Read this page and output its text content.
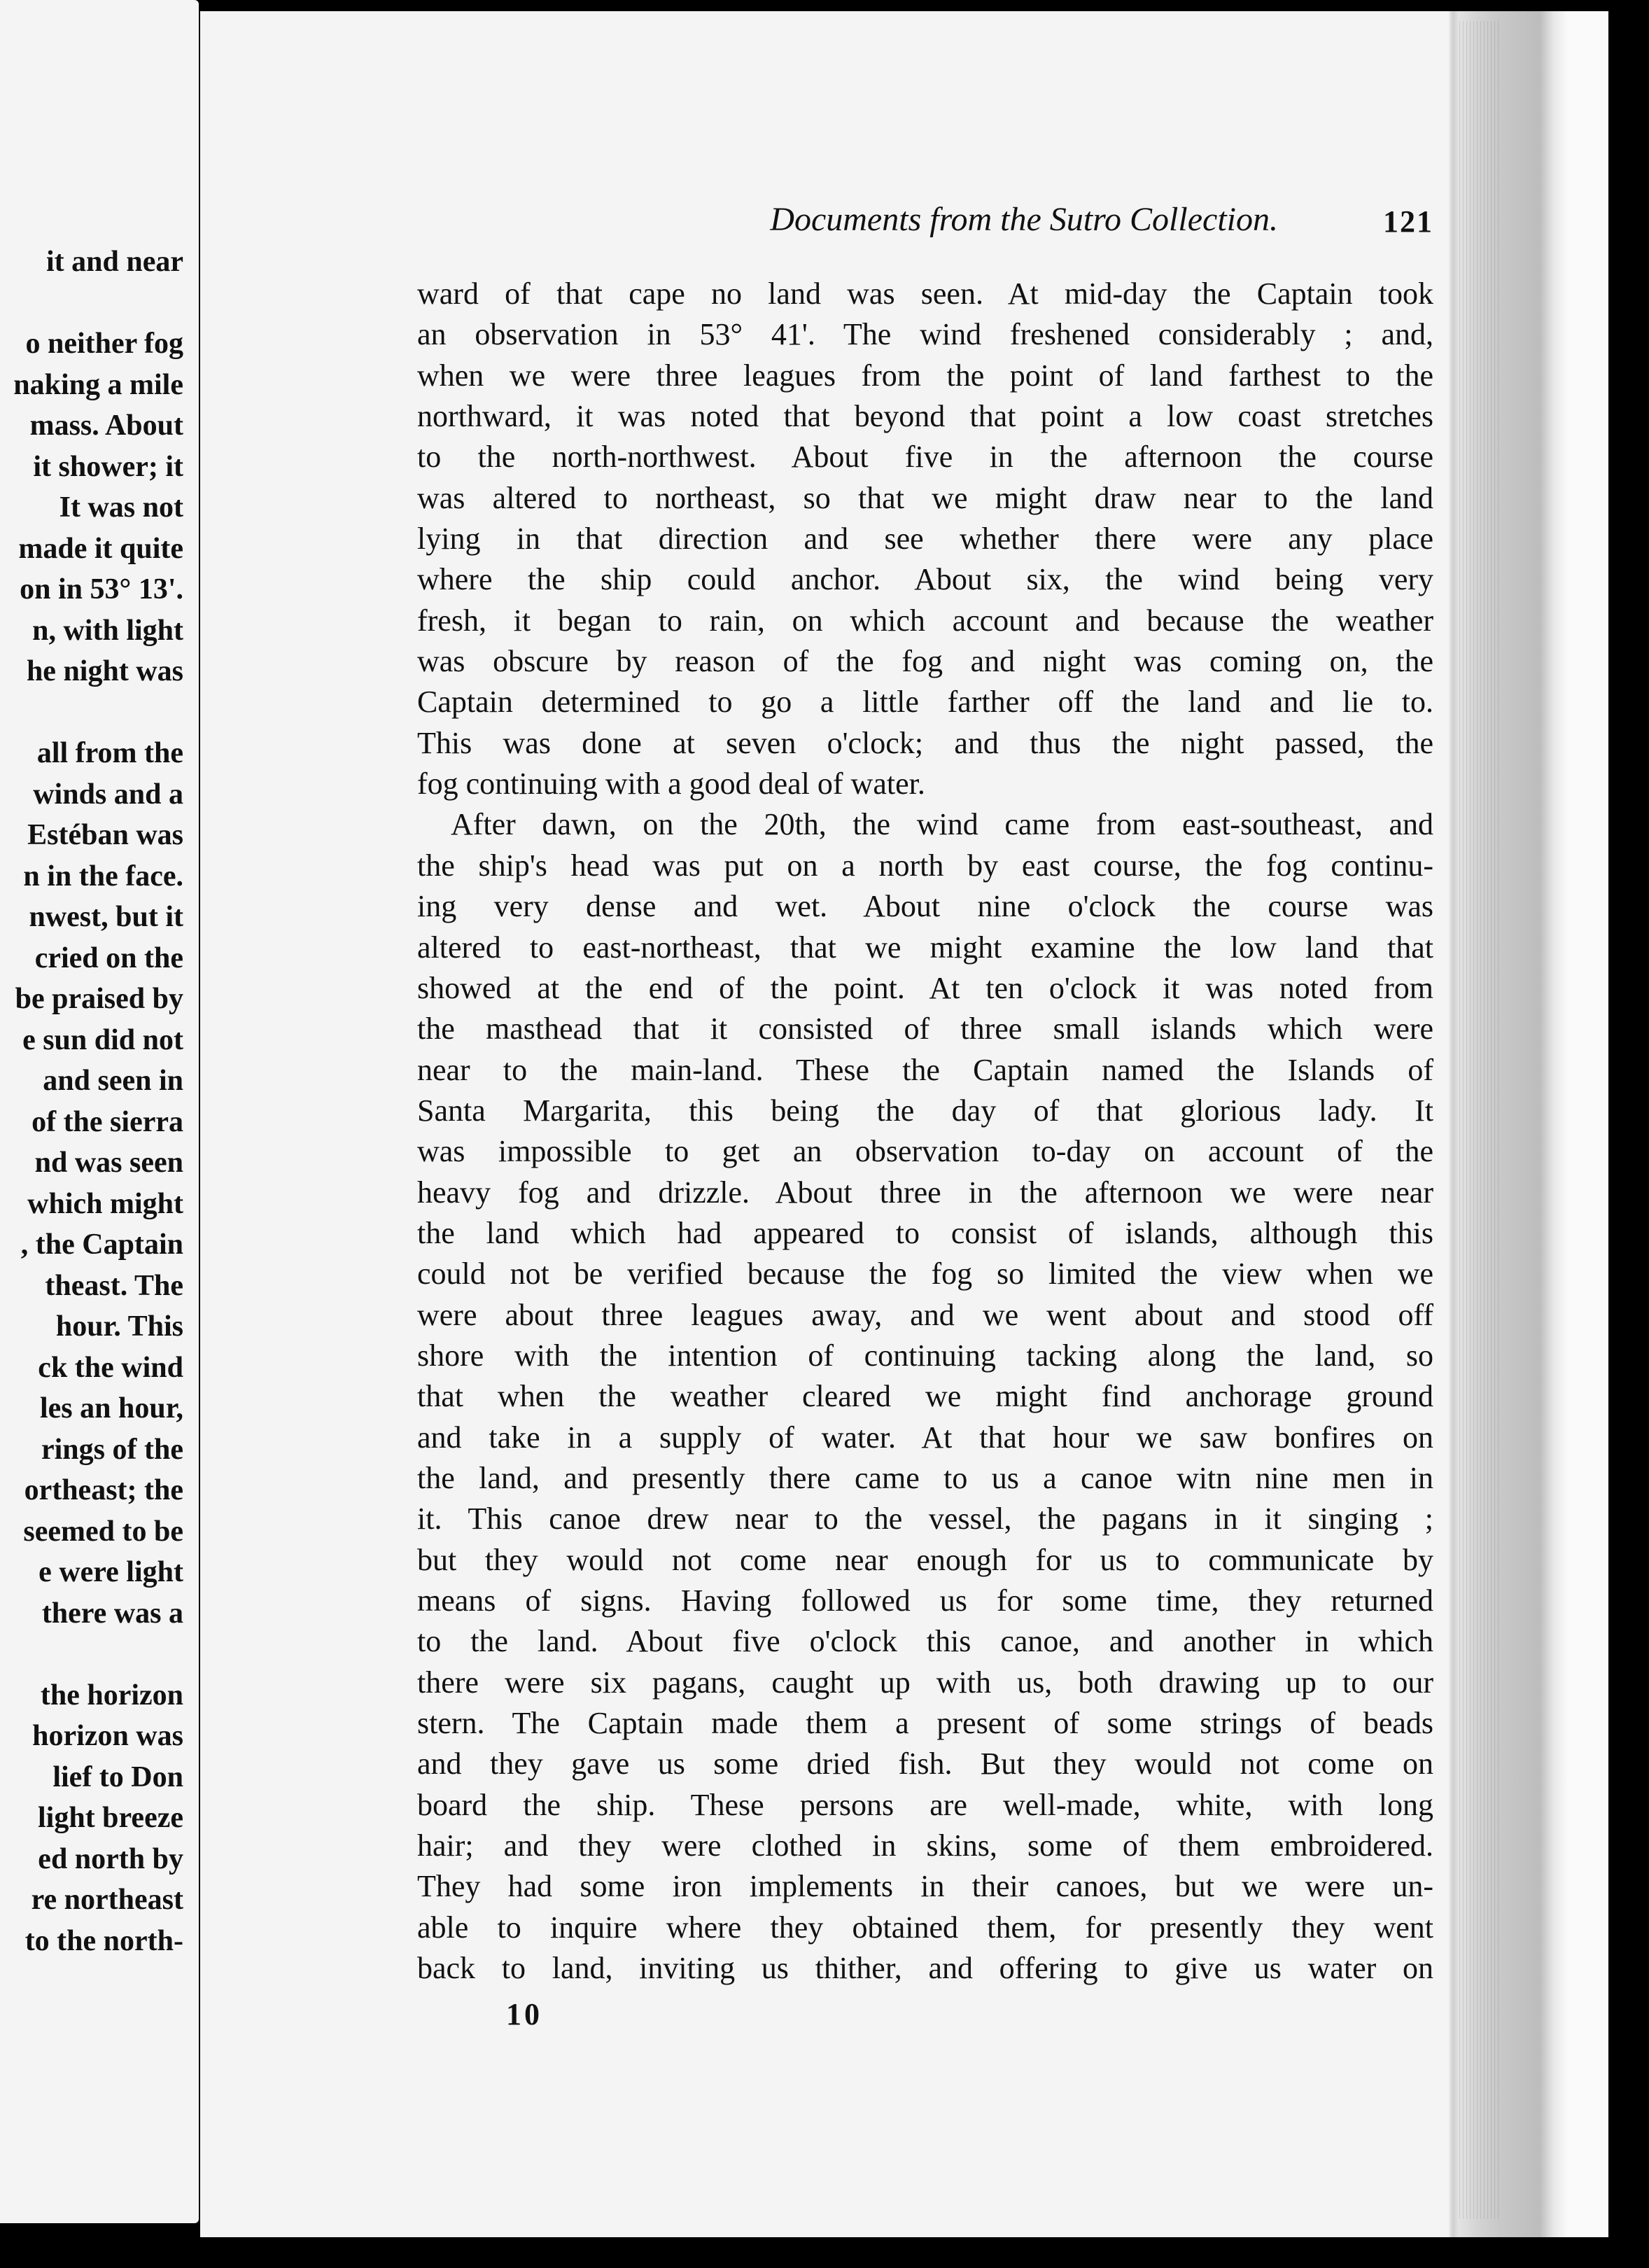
it and near
o neither fog
naking a mile
mass. About
it shower; it
It was not
made it quite
on in 53° 13'.
n, with light
he night was
all from the
winds and a
Estéban was
n in the face.
nwest, but it
cried on the
be praised by
e sun did not
and seen in
of the sierra
nd was seen
which might
, the Captain
theast. The
hour. This
ck the wind
les an hour,
rings of the
ortheast; the
seemed to be
e were light
there was a
the horizon
horizon was
lief to Don
light breeze
ed north by
re northeast
to the north-
Documents from the Sutro Collection.	121
ward of that cape no land was seen. At mid-day the Captain took
an observation in 53° 41'. The wind freshened considerably ; and,
when we were three leagues from the point of land farthest to the
northward, it was noted that beyond that point a low coast stretches
to the north-northwest. About five in the afternoon the course
was altered to northeast, so that we might draw near to the land
lying in that direction and see whether there were any place
where the ship could anchor. About six, the wind being very
fresh, it began to rain, on which account and because the weather
was obscure by reason of the fog and night was coming on, the
Captain determined to go a little farther off the land and lie to.
This was done at seven o'clock; and thus the night passed, the
fog continuing with a good deal of water.
After dawn, on the 20th, the wind came from east-southeast, and
the ship's head was put on a north by east course, the fog continu-
ing very dense and wet. About nine o'clock the course was
altered to east-northeast, that we might examine the low land that
showed at the end of the point. At ten o'clock it was noted from
the masthead that it consisted of three small islands which were
near to the main-land. These the Captain named the Islands of
Santa Margarita, this being the day of that glorious lady. It
was impossible to get an observation to-day on account of the
heavy fog and drizzle. About three in the afternoon we were near
the land which had appeared to consist of islands, although this
could not be verified because the fog so limited the view when we
were about three leagues away, and we went about and stood off
shore with the intention of continuing tacking along the land, so
that when the weather cleared we might find anchorage ground
and take in a supply of water. At that hour we saw bonfires on
the land, and presently there came to us a canoe witn nine men in
it. This canoe drew near to the vessel, the pagans in it singing ;
but they would not come near enough for us to communicate by
means of signs. Having followed us for some time, they returned
to the land. About five o'clock this canoe, and another in which
there were six pagans, caught up with us, both drawing up to our
stern. The Captain made them a present of some strings of beads
and they gave us some dried fish. But they would not come on
board the ship. These persons are well-made, white, with long
hair; and they were clothed in skins, some of them embroidered.
They had some iron implements in their canoes, but we were un-
able to inquire where they obtained them, for presently they went
back to land, inviting us thither, and offering to give us water on
10
